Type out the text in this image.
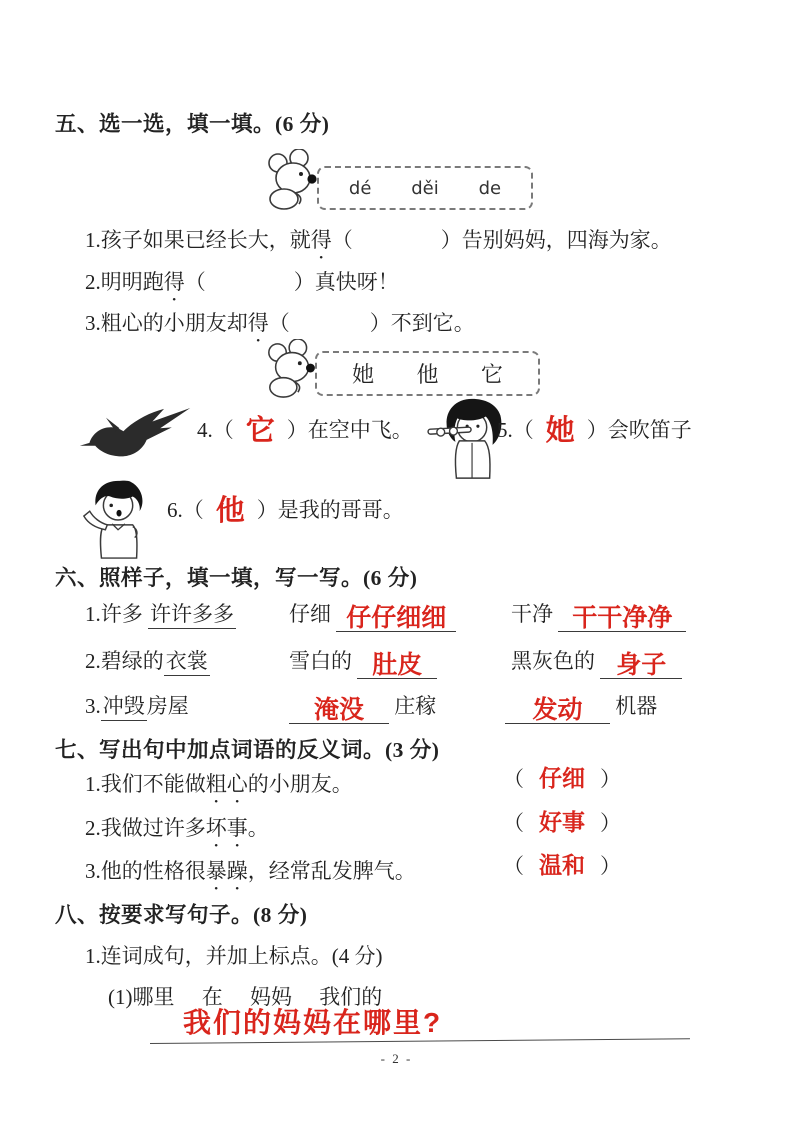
五、选一选，填一填。(6 分)
dé děi de
1.孩子如果已经长大，就得（	）告别妈妈，四海为家。
2.明明跑得（	）真快呀！
3.粗心的小朋友却得（	）不到它。
她 他 它
4.（ 它 ）在空中飞。	5.（ 她 ）会吹笛子
6.（ 他 ）是我的哥哥。
六、照样子，填一填，写一写。(6 分)
1.许多 许许多多	仔细 仔仔细细	干净 干干净净
2.碧绿的衣裳	雪白的 肚皮	黑灰色的 身子
3.冲毁房屋	淹没 庄稼	发动 机器
七、写出句中加点词语的反义词。(3 分)
1.我们不能做粗心的小朋友。	（ 仔细 ）
2.我做过许多坏事。	（ 好事 ）
3.他的性格很暴躁，经常乱发脾气。	（ 温和 ）
八、按要求写句子。(8 分)
1.连词成句，并加上标点。(4 分)
(1)哪里 在 妈妈 我们的
我们的妈妈在哪里?
- 2 -
